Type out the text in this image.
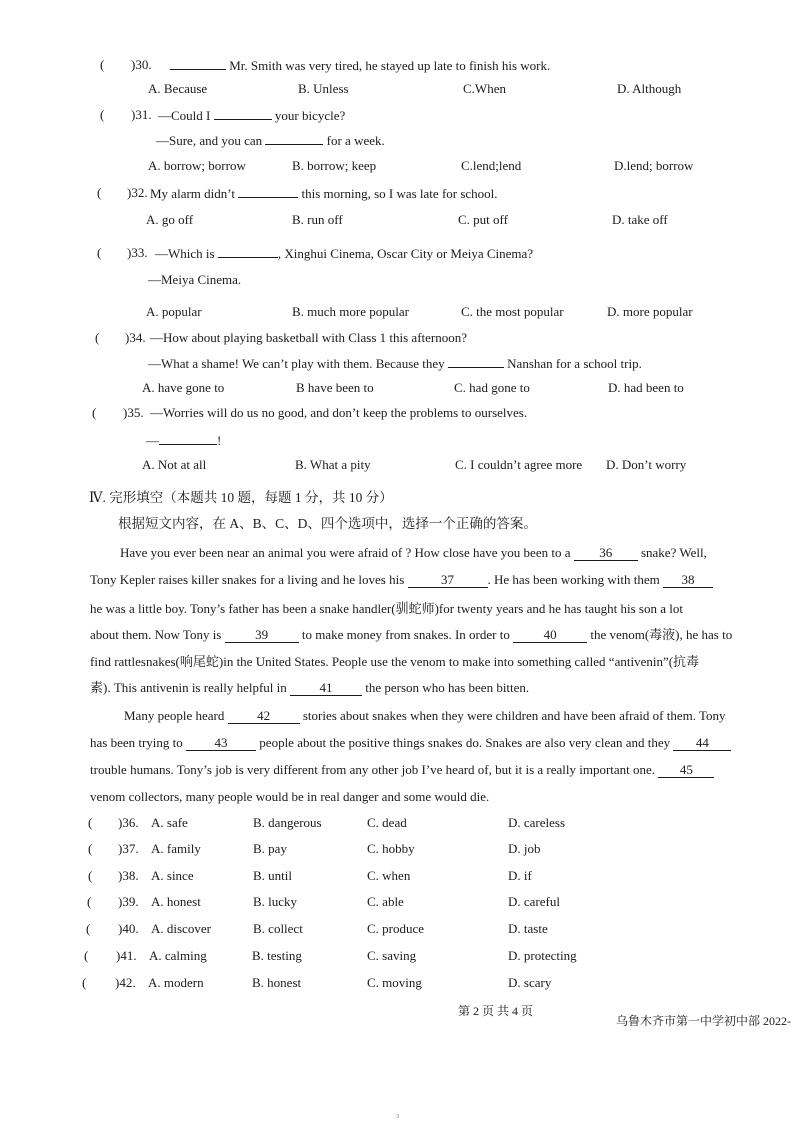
( )30.	Mr. Smith was very tired, he stayed up late to finish his work.
A. Because	B. Unless	C.When	D. Although
( )31. —Could I	your bicycle?
—Sure, and you can	for a week.
A. borrow; borrow	B. borrow; keep	C.lend;lend	D.lend; borrow
( )32. My alarm didn’t	this morning, so I was late for school.
A. go off	B. run off	C. put off	D. take off
( )33. —Which is	, Xinghui Cinema, Oscar City or Meiya Cinema?
—Meiya Cinema.
A. popular	B. much more popular	C. the most popular	D. more popular
( )34. —How about playing basketball with Class 1 this afternoon?
—What a shame! We can’t play with them. Because they	Nanshan for a school trip.
A. have gone to	B have been to	C. had gone to	D. had been to
( )35. —Worries will do us no good, and don’t keep the problems to ourselves.
—	!
A. Not at all	B. What a pity	C. I couldn’t agree more D. Don’t worry
Ⅳ. 完形填空（本题共 10 题，每题 1 分，共 10 分）
根据短文内容，在 A、B、C、D、四个选项中，选择一个正确的答案。
Have you ever been near an animal you were afraid of ? How close have you been to a 36 snake? Well,
Tony Kepler raises killer snakes for a living and he loves his	37	. He has been working with them 38
he was a little boy. Tony’s father has been a snake handler(驯蛇师)for twenty years and he has taught his son a lot
about them. Now Tony is 39 to make money from snakes. In order to 40 the venom(毒液), he has to
find rattlesnakes(响尾蛇)in the United States. People use the venom to make into something called “antivenin”(抗毒
素). This antivenin is really helpful in 41 the person who has been bitten.
Many people heard 42 stories about snakes when they were children and have been afraid of them. Tony
has been trying to 43 people about the positive things snakes do. Snakes are also very clean and they 44
trouble humans. Tony’s job is very different from any other job I’ve heard of, but it is a really important one. 45
venom collectors, many people would be in real danger and some would die.
( )36. A. safe	B. dangerous	C. dead	D. careless
( )37. A. family	B. pay	C. hobby	D. job
( )38. A. since	B. until	C. when	D. if
( )39. A. honest	B. lucky	C. able	D. careful
( )40. A. discover	B. collect	C. produce	D. taste
( )41. A. calming	B. testing	C. saving	D. protecting
( )42. A. modern	B. honest	C. moving	D. scary
第 2 页 共 4 页
乌鲁木齐市第一中学初中部 2022-
3
